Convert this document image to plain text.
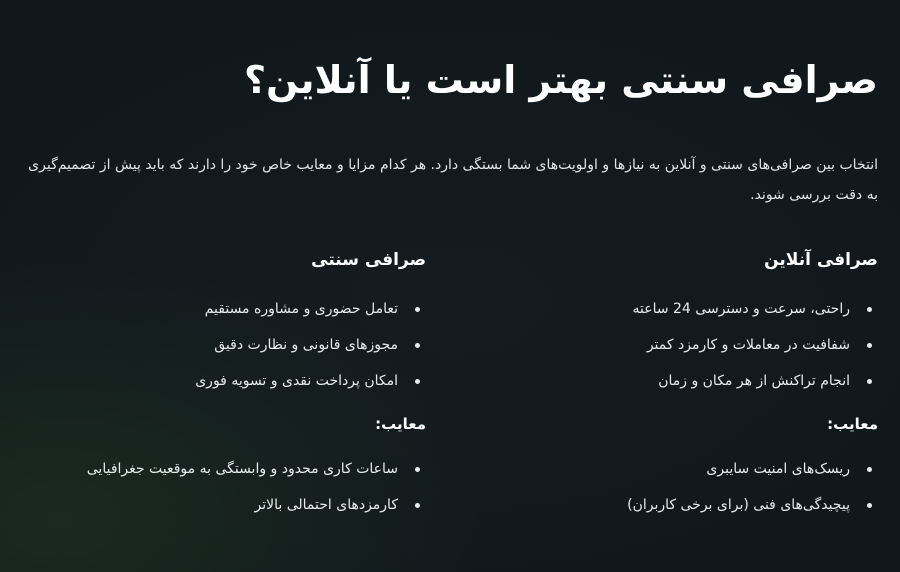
صرافی سنتی بهتر است یا آنلاین؟

انتخاب بین صرافی‌های سنتی و آنلاین به نیازها و اولویت‌های شما بستگی دارد. هر کدام مزایا و معایب خاص خود را دارند که باید پیش از تصمیم‌گیری به دقت بررسی شوند.

صرافی آنلاین
راحتی، سرعت و دسترسی 24 ساعته
شفافیت در معاملات و کارمزد کمتر
انجام تراکنش از هر مکان و زمان
معایب:
ریسک‌های امنیت سایبری
پیچیدگی‌های فنی (برای برخی کاربران)
صرافی سنتی
تعامل حضوری و مشاوره مستقیم
مجوزهای قانونی و نظارت دقیق
امکان پرداخت نقدی و تسویه فوری
معایب:
ساعات کاری محدود و وابستگی به موقعیت جغرافیایی
کارمزدهای احتمالی بالاتر
